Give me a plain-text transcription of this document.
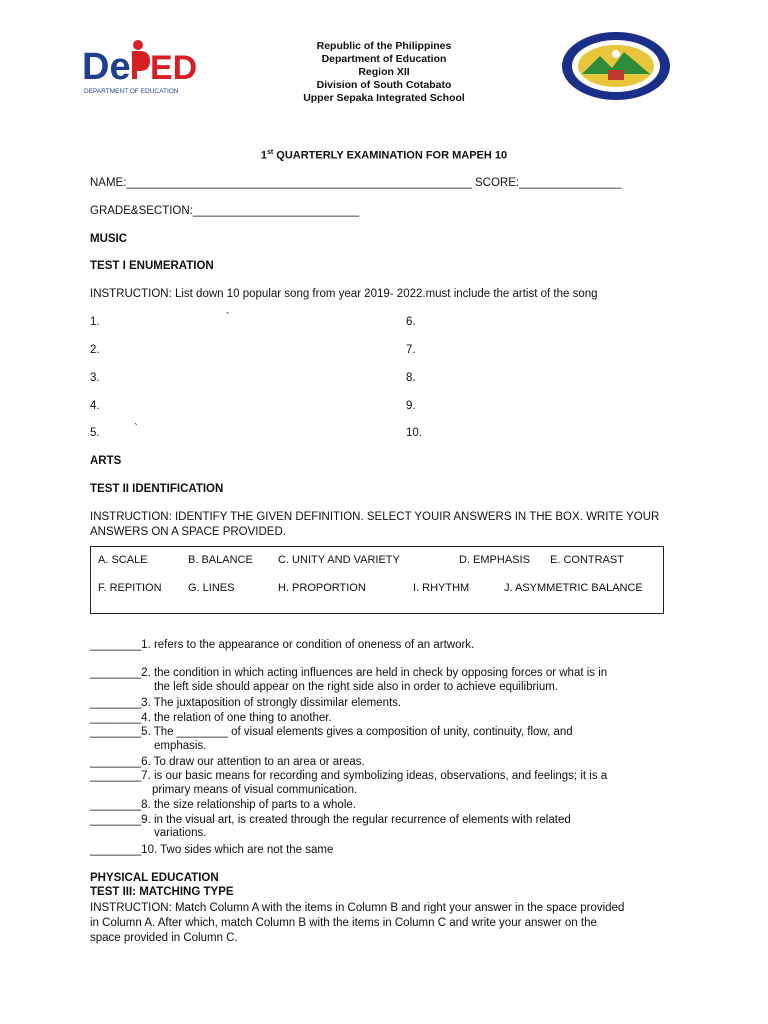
De ED
DEPARTMENT OF EDUCATION
Republic of the Philippines
Department of Education
Region XII
Division of South Cotabato
Upper Sepaka Integrated School
1st QUARTERLY EXAMINATION FOR MAPEH 10
NAME:______________________________________________________ SCORE:________________
GRADE&SECTION:__________________________
MUSIC
TEST I ENUMERATION
INSTRUCTION: List down 10 popular song from year 2019- 2022.must include the artist of the song
1.	`
2.
3.
4.
5.	`
6.
7.
8.
9.
10.
ARTS
TEST II IDENTIFICATION
INSTRUCTION: IDENTIFY THE GIVEN DEFINITION. SELECT YOUIR ANSWERS IN THE BOX. WRITE YOUR
ANSWERS ON A SPACE PROVIDED.
A. SCALE	B. BALANCE C. UNITY AND VARIETY	D. EMPHASIS E. CONTRAST
F. REPITION G. LINES	H. PROPORTION	I. RHYTHM	J. ASYMMETRIC BALANCE
________1. refers to the appearance or condition of oneness of an artwork.
________2. the condition in which acting influences are held in check by opposing forces or what is in
the left side should appear on the right side also in order to achieve equilibrium.
________3. The juxtaposition of strongly dissimilar elements.
________4. the relation of one thing to another.
________5. The ________ of visual elements gives a composition of unity, continuity, flow, and
emphasis.
________6. To draw our attention to an area or areas.
________7. is our basic means for recording and symbolizing ideas, observations, and feelings; it is a
primary means of visual communication.
________8. the size relationship of parts to a whole.
________9. in the visual art, is created through the regular recurrence of elements with related
variations.
________10. Two sides which are not the same
PHYSICAL EDUCATION
TEST III: MATCHING TYPE
INSTRUCTION: Match Column A with the items in Column B and right your answer in the space provided
in Column A. After which, match Column B with the items in Column C and write your answer on the
space provided in Column C.
